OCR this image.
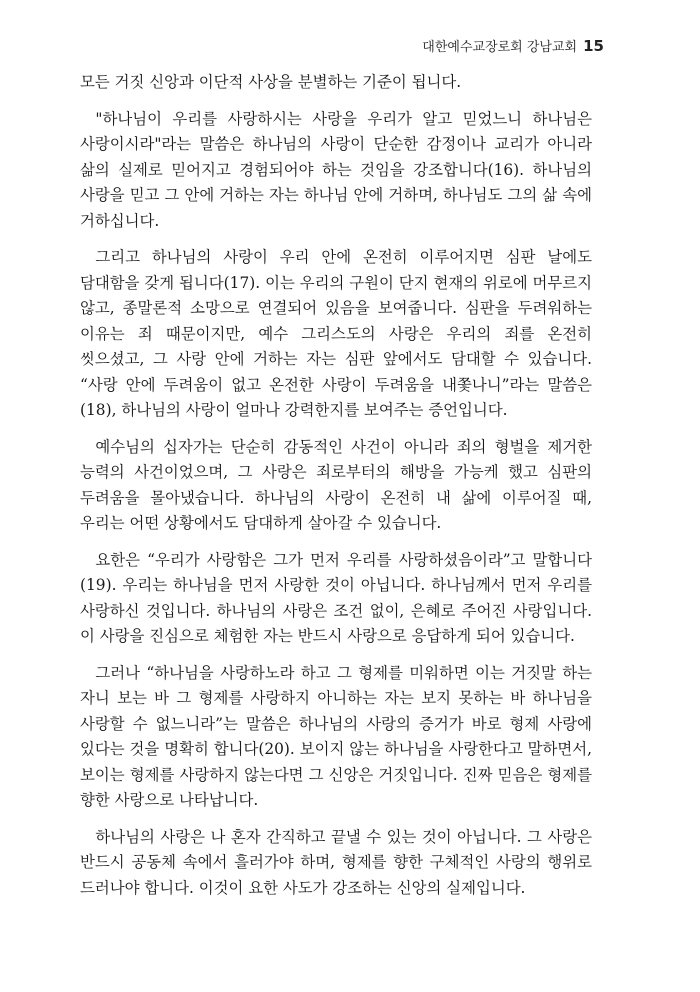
대한예수교장로회 강남교회 15

모든 거짓 신앙과 이단적 사상을 분별하는 기준이 됩니다.

"하나님이 우리를 사랑하시는 사랑을 우리가 알고 믿었느니 하나님은 사랑이시라"라는 말씀은 하나님의 사랑이 단순한 감정이나 교리가 아니라 삶의 실제로 믿어지고 경험되어야 하는 것임을 강조합니다(16). 하나님의 사랑을 믿고 그 안에 거하는 자는 하나님 안에 거하며, 하나님도 그의 삶 속에 거하십니다.

그리고 하나님의 사랑이 우리 안에 온전히 이루어지면 심판 날에도 담대함을 갖게 됩니다(17). 이는 우리의 구원이 단지 현재의 위로에 머무르지 않고, 종말론적 소망으로 연결되어 있음을 보여줍니다. 심판을 두려워하는 이유는 죄 때문이지만, 예수 그리스도의 사랑은 우리의 죄를 온전히 씻으셨고, 그 사랑 안에 거하는 자는 심판 앞에서도 담대할 수 있습니다. “사랑 안에 두려움이 없고 온전한 사랑이 두려움을 내쫓나니”라는 말씀은(18), 하나님의 사랑이 얼마나 강력한지를 보여주는 증언입니다.

예수님의 십자가는 단순히 감동적인 사건이 아니라 죄의 형벌을 제거한 능력의 사건이었으며, 그 사랑은 죄로부터의 해방을 가능케 했고 심판의 두려움을 몰아냈습니다. 하나님의 사랑이 온전히 내 삶에 이루어질 때, 우리는 어떤 상황에서도 담대하게 살아갈 수 있습니다.

요한은 “우리가 사랑함은 그가 먼저 우리를 사랑하셨음이라”고 말합니다(19). 우리는 하나님을 먼저 사랑한 것이 아닙니다. 하나님께서 먼저 우리를 사랑하신 것입니다. 하나님의 사랑은 조건 없이, 은혜로 주어진 사랑입니다. 이 사랑을 진심으로 체험한 자는 반드시 사랑으로 응답하게 되어 있습니다.

그러나 “하나님을 사랑하노라 하고 그 형제를 미워하면 이는 거짓말 하는 자니 보는 바 그 형제를 사랑하지 아니하는 자는 보지 못하는 바 하나님을 사랑할 수 없느니라”는 말씀은 하나님의 사랑의 증거가 바로 형제 사랑에 있다는 것을 명확히 합니다(20). 보이지 않는 하나님을 사랑한다고 말하면서, 보이는 형제를 사랑하지 않는다면 그 신앙은 거짓입니다. 진짜 믿음은 형제를 향한 사랑으로 나타납니다.

하나님의 사랑은 나 혼자 간직하고 끝낼 수 있는 것이 아닙니다. 그 사랑은 반드시 공동체 속에서 흘러가야 하며, 형제를 향한 구체적인 사랑의 행위로 드러나야 합니다. 이것이 요한 사도가 강조하는 신앙의 실제입니다.
